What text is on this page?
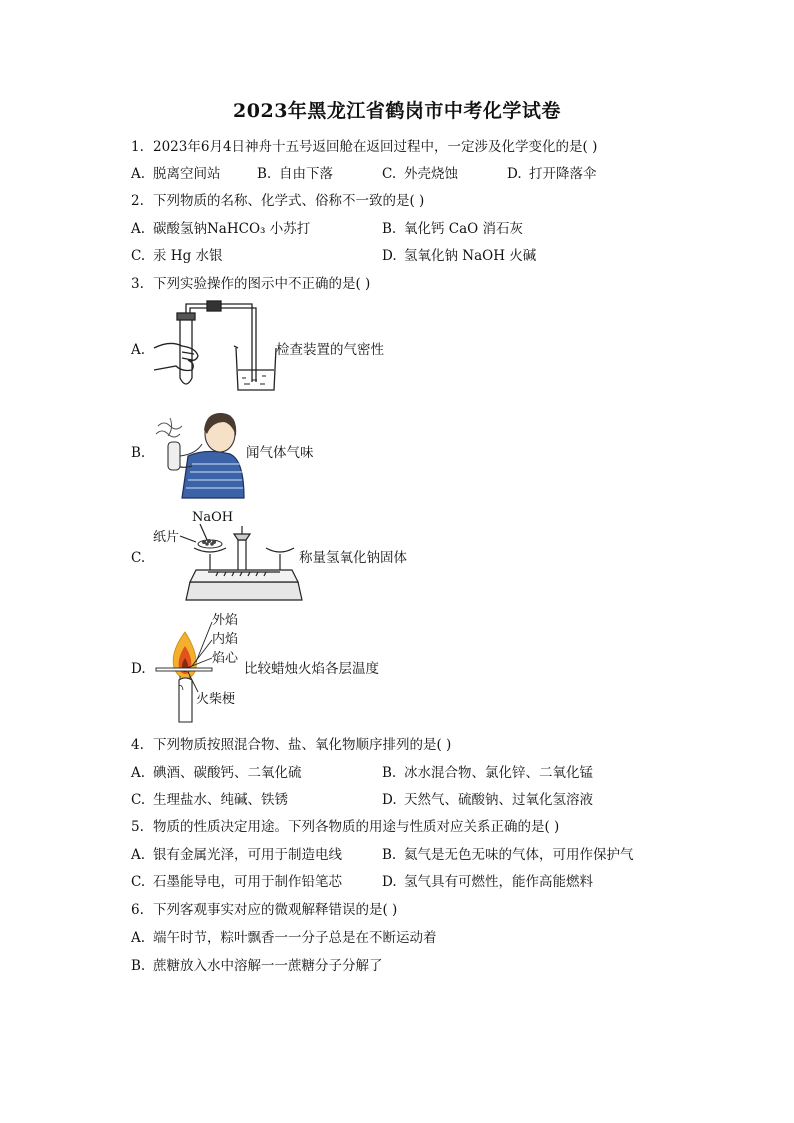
2023年黑龙江省鹤岗市中考化学试卷
1. 2023年6月4日神舟十五号返回舱在返回过程中，一定涉及化学变化的是( )
A. 脱离空间站	B. 自由下落	C. 外壳烧蚀	D. 打开降落伞
2. 下列物质的名称、化学式、俗称不一致的是( )
A. 碳酸氢钠NaHCO₃ 小苏打	B. 氧化钙 CaO 消石灰
C. 汞 Hg 水银	D. 氢氧化钠 NaOH 火碱
3. 下列实验操作的图示中不正确的是( )
A.	检查装置的气密性
B.	闻气体气味
C.
NaOH
纸片
称量氢氧化钠固体
D.
外焰
内焰
焰心
火柴梗
比较蜡烛火焰各层温度
4. 下列物质按照混合物、盐、氧化物顺序排列的是( )
A. 碘酒、碳酸钙、二氧化硫	B. 冰水混合物、氯化锌、二氧化锰
C. 生理盐水、纯碱、铁锈	D. 天然气、硫酸钠、过氧化氢溶液
5. 物质的性质决定用途。下列各物质的用途与性质对应关系正确的是( )
A. 银有金属光泽，可用于制造电线	B. 氦气是无色无味的气体，可用作保护气
C. 石墨能导电，可用于制作铅笔芯	D. 氢气具有可燃性，能作高能燃料
6. 下列客观事实对应的微观解释错误的是( )
A. 端午时节，粽叶飘香一一分子总是在不断运动着
B. 蔗糖放入水中溶解一一蔗糖分子分解了
